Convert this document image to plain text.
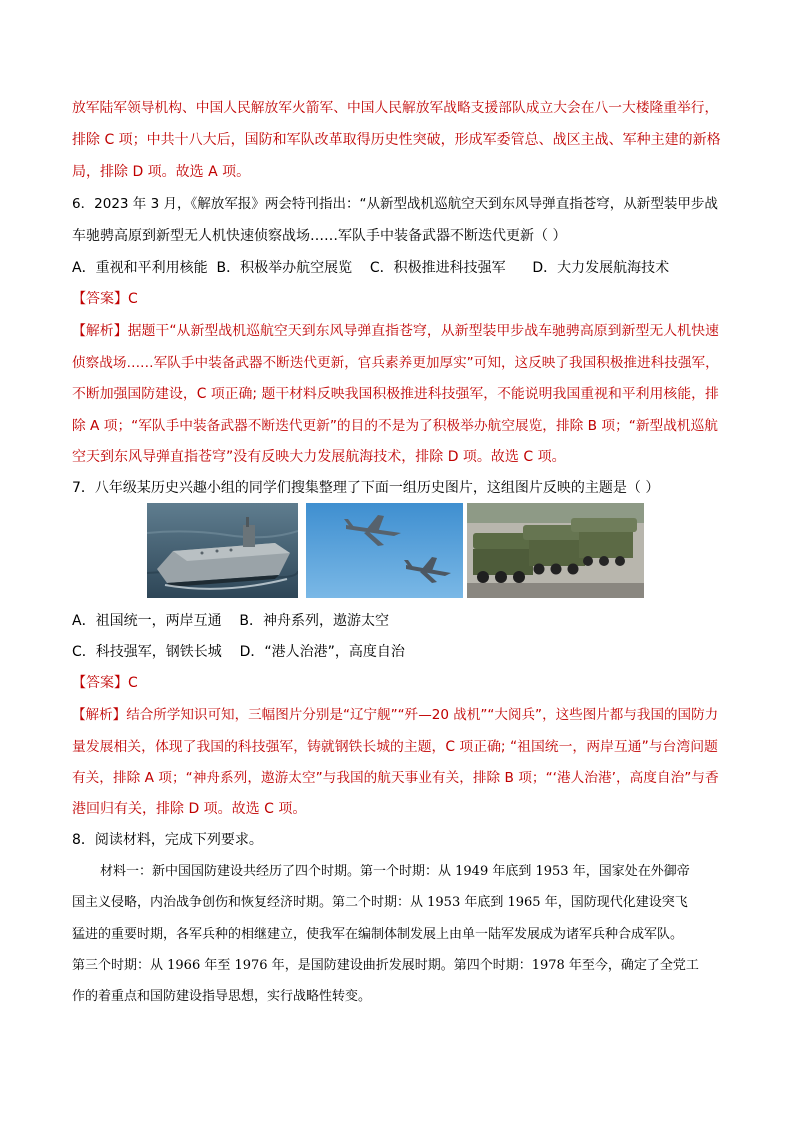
放军陆军领导机构、中国人民解放军火箭军、中国人民解放军战略支援部队成立大会在八一大楼隆重举行，
排除 C 项；中共十八大后，国防和军队改革取得历史性突破，形成军委管总、战区主战、军种主建的新格
局，排除 D 项。故选 A 项。
6．2023 年 3 月，《解放军报》两会特刊指出：“从新型战机巡航空天到东风导弹直指苍穹，从新型装甲步战
车驰骋高原到新型无人机快速侦察战场……军队手中装备武器不断迭代更新（ ）
A．重视和平利用核能  B．积极举办航空展览    C．积极推进科技强军      D．大力发展航海技术
【答案】C
【解析】据题干“从新型战机巡航空天到东风导弹直指苍穹，从新型装甲步战车驰骋高原到新型无人机快速
侦察战场……军队手中装备武器不断迭代更新，官兵素养更加厚实”可知，这反映了我国积极推进科技强军，
不断加强国防建设，C 项正确; 题干材料反映我国积极推进科技强军，不能说明我国重视和平利用核能，排
除 A 项；“军队手中装备武器不断迭代更新”的目的不是为了积极举办航空展览，排除 B 项；“新型战机巡航
空天到东风导弹直指苍穹”没有反映大力发展航海技术，排除 D 项。故选 C 项。
7．八年级某历史兴趣小组的同学们搜集整理了下面一组历史图片，这组图片反映的主题是（ ）
A．祖国统一，两岸互通 B．神舟系列，遨游太空
C．科技强军，钢铁长城 D．“港人治港”，高度自治
【答案】C
【解析】结合所学知识可知，三幅图片分别是“辽宁舰”“歼—20 战机”“大阅兵”，这些图片都与我国的国防力
量发展相关，体现了我国的科技强军，铸就钢铁长城的主题，C 项正确; “祖国统一，两岸互通”与台湾问题
有关，排除 A 项；“神舟系列，遨游太空”与我国的航天事业有关，排除 B 项；“‘港人治港’，高度自治”与香
港回归有关，排除 D 项。故选 C 项。
8．阅读材料，完成下列要求。
材料一：新中国国防建设共经历了四个时期。第一个时期：从 1949 年底到 1953 年，国家处在外御帝
国主义侵略，内治战争创伤和恢复经济时期。第二个时期：从 1953 年底到 1965 年，国防现代化建设突飞
猛进的重要时期，各军兵种的相继建立，使我军在编制体制发展上由单一陆军发展成为诸军兵种合成军队。
第三个时期：从 1966 年至 1976 年，是国防建设曲折发展时期。第四个时期：1978 年至今，确定了全党工
作的着重点和国防建设指导思想，实行战略性转变。
